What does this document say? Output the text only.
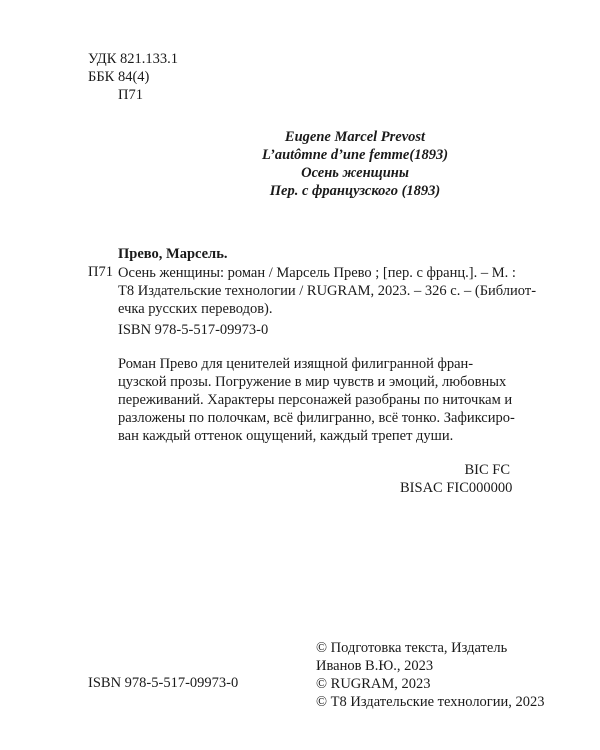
УДК 821.133.1
ББК 84(4)
П71
Eugene Marcel Prevost
L’autômne d’une femme(1893)
Осень женщины
Пер. с французского (1893)
Прево, Марсель.
П71 Осень женщины: роман / Марсель Прево ; [пер. с франц.]. – М. :
Т8 Издательские технологии / RUGRAM, 2023. – 326 с. – (Библиот-
ечка русских переводов).
ISBN 978-5-517-09973-0
Роман Прево для ценителей изящной филигранной фран-
цузской прозы. Погружение в мир чувств и эмоций, любовных
переживаний. Характеры персонажей разобраны по ниточкам и
разложены по полочкам, всё филигранно, всё тонко. Зафиксиро-
ван каждый оттенок ощущений, каждый трепет души.
BIC FC
BISAC FIC000000
ISBN 978-5-517-09973-0
© Подготовка текста, Издатель
Иванов В.Ю., 2023
© RUGRAM, 2023
© Т8 Издательские технологии, 2023
